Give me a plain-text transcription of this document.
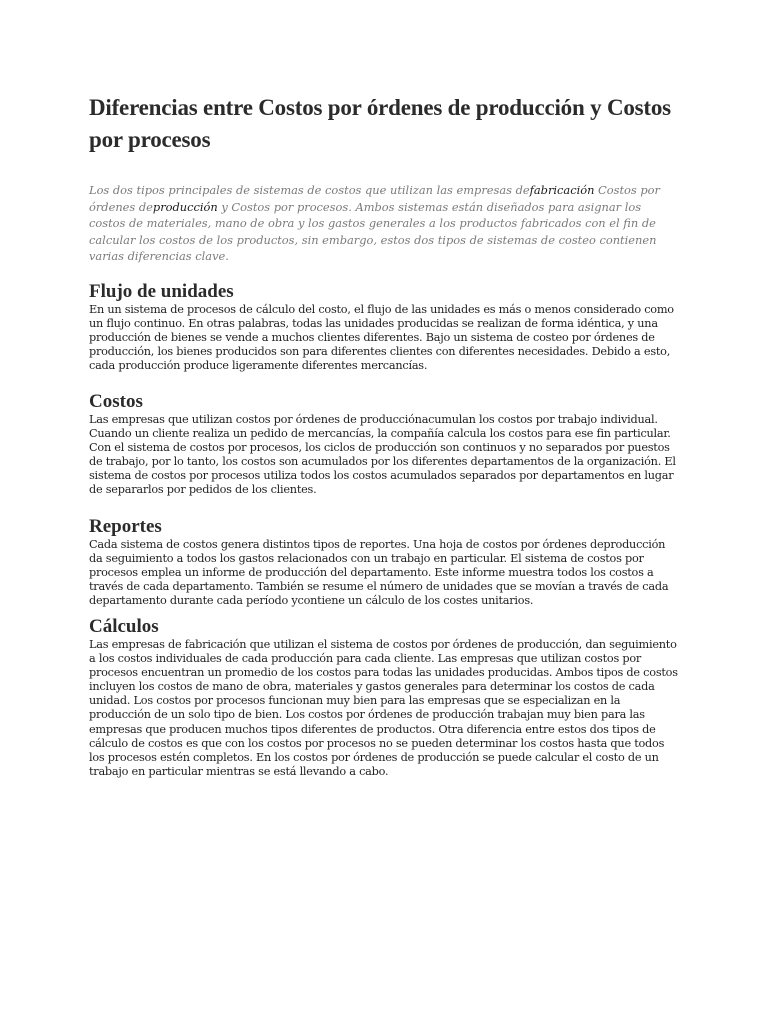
Diferencias entre Costos por órdenes de producción y Costos por procesos

Los dos tipos principales de sistemas de costos que utilizan las empresas defabricación Costos por órdenes deproducción y Costos por procesos. Ambos sistemas están diseñados para asignar los costos de materiales, mano de obra y los gastos generales a los productos fabricados con el fin de calcular los costos de los productos, sin embargo, estos dos tipos de sistemas de costeo contienen varias diferencias clave.

Flujo de unidades

En un sistema de procesos de cálculo del costo, el flujo de las unidades es más o menos considerado como un flujo continuo. En otras palabras, todas las unidades producidas se realizan de forma idéntica, y una producción de bienes se vende a muchos clientes diferentes. Bajo un sistema de costeo por órdenes de producción, los bienes producidos son para diferentes clientes con diferentes necesidades. Debido a esto, cada producción produce ligeramente diferentes mercancías.

Costos

Las empresas que utilizan costos por órdenes de producciónacumulan los costos por trabajo individual. Cuando un cliente realiza un pedido de mercancías, la compañía calcula los costos para ese fin particular. Con el sistema de costos por procesos, los ciclos de producción son continuos y no separados por puestos de trabajo, por lo tanto, los costos son acumulados por los diferentes departamentos de la organización. El sistema de costos por procesos utiliza todos los costos acumulados separados por departamentos en lugar de separarlos por pedidos de los clientes.

Reportes

Cada sistema de costos genera distintos tipos de reportes. Una hoja de costos por órdenes deproducción da seguimiento a todos los gastos relacionados con un trabajo en particular. El sistema de costos por procesos emplea un informe de producción del departamento. Este informe muestra todos los costos a través de cada departamento. También se resume el número de unidades que se movían a través de cada departamento durante cada período ycontiene un cálculo de los costes unitarios.

Cálculos

Las empresas de fabricación que utilizan el sistema de costos por órdenes de producción, dan seguimiento a los costos individuales de cada producción para cada cliente. Las empresas que utilizan costos por procesos encuentran un promedio de los costos para todas las unidades producidas. Ambos tipos de costos incluyen los costos de mano de obra, materiales y gastos generales para determinar los costos de cada unidad. Los costos por procesos funcionan muy bien para las empresas que se especializan en la producción de un solo tipo de bien. Los costos por órdenes de producción trabajan muy bien para las empresas que producen muchos tipos diferentes de productos. Otra diferencia entre estos dos tipos de cálculo de costos es que con los costos por procesos no se pueden determinar los costos hasta que todos los procesos estén completos. En los costos por órdenes de producción se puede calcular el costo de un trabajo en particular mientras se está llevando a cabo.
